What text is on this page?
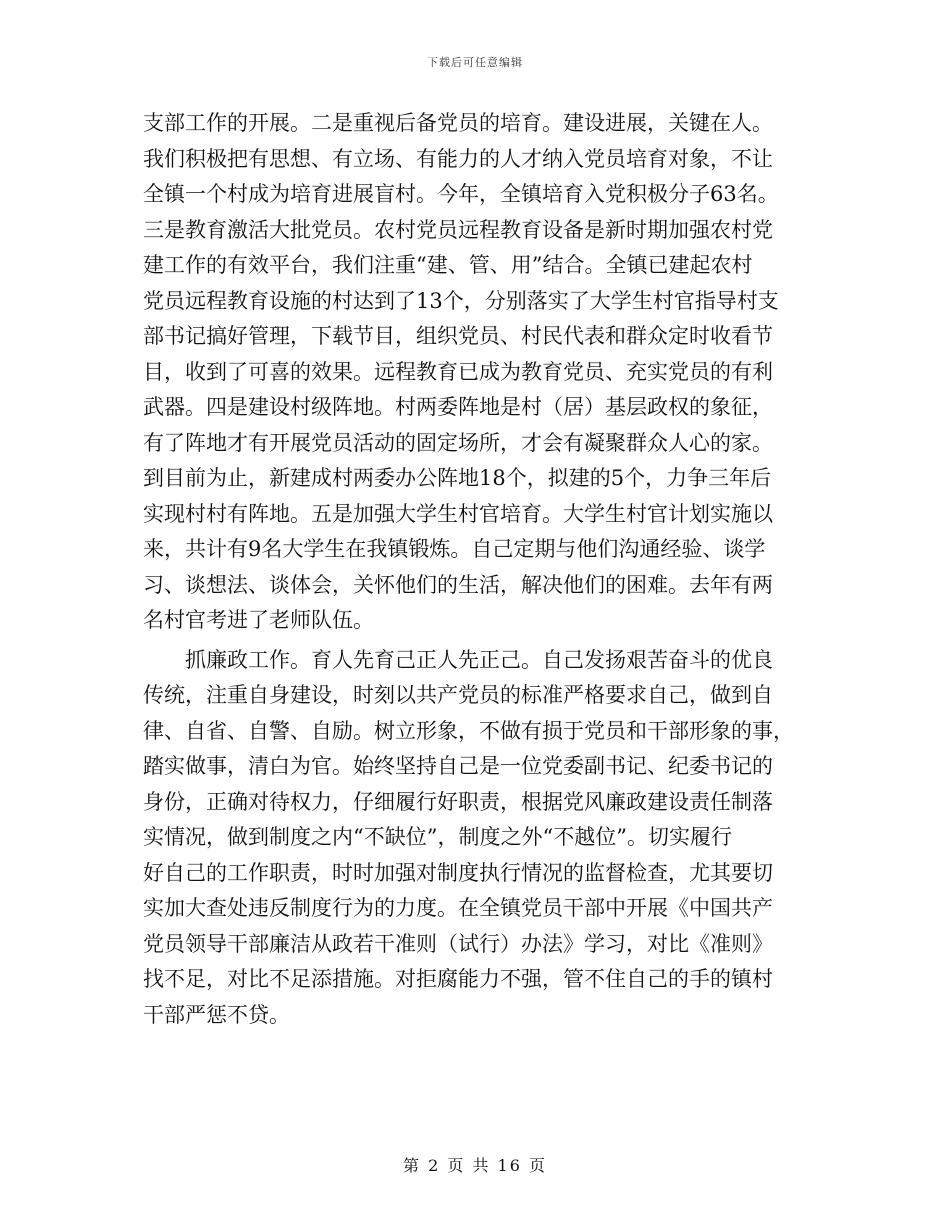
下载后可任意编辑
支部工作的开展。二是重视后备党员的培育。建设进展，关键在人。
我们积极把有思想、有立场、有能力的人才纳入党员培育对象，不让
全镇一个村成为培育进展盲村。今年，全镇培育入党积极分子63名。
三是教育激活大批党员。农村党员远程教育设备是新时期加强农村党
建工作的有效平台，我们注重“建、管、用”结合。全镇已建起农村
党员远程教育设施的村达到了13个，分别落实了大学生村官指导村支
部书记搞好管理，下载节目，组织党员、村民代表和群众定时收看节
目，收到了可喜的效果。远程教育已成为教育党员、充实党员的有利
武器。四是建设村级阵地。村两委阵地是村（居）基层政权的象征，
有了阵地才有开展党员活动的固定场所，才会有凝聚群众人心的家。
到目前为止，新建成村两委办公阵地18个，拟建的5个，力争三年后
实现村村有阵地。五是加强大学生村官培育。大学生村官计划实施以
来，共计有9名大学生在我镇锻炼。自己定期与他们沟通经验、谈学
习、谈想法、谈体会，关怀他们的生活，解决他们的困难。去年有两
名村官考进了老师队伍。
抓廉政工作。育人先育己正人先正己。自己发扬艰苦奋斗的优良
传统，注重自身建设，时刻以共产党员的标准严格要求自己，做到自
律、自省、自警、自励。树立形象，不做有损于党员和干部形象的事，
踏实做事，清白为官。始终坚持自己是一位党委副书记、纪委书记的
身份，正确对待权力，仔细履行好职责，根据党风廉政建设责任制落
实情况，做到制度之内“不缺位”，制度之外“不越位”。切实履行
好自己的工作职责，时时加强对制度执行情况的监督检查，尤其要切
实加大查处违反制度行为的力度。在全镇党员干部中开展《中国共产
党员领导干部廉洁从政若干准则（试行）办法》学习，对比《准则》
找不足，对比不足添措施。对拒腐能力不强，管不住自己的手的镇村
干部严惩不贷。
第 2 页 共 16 页
